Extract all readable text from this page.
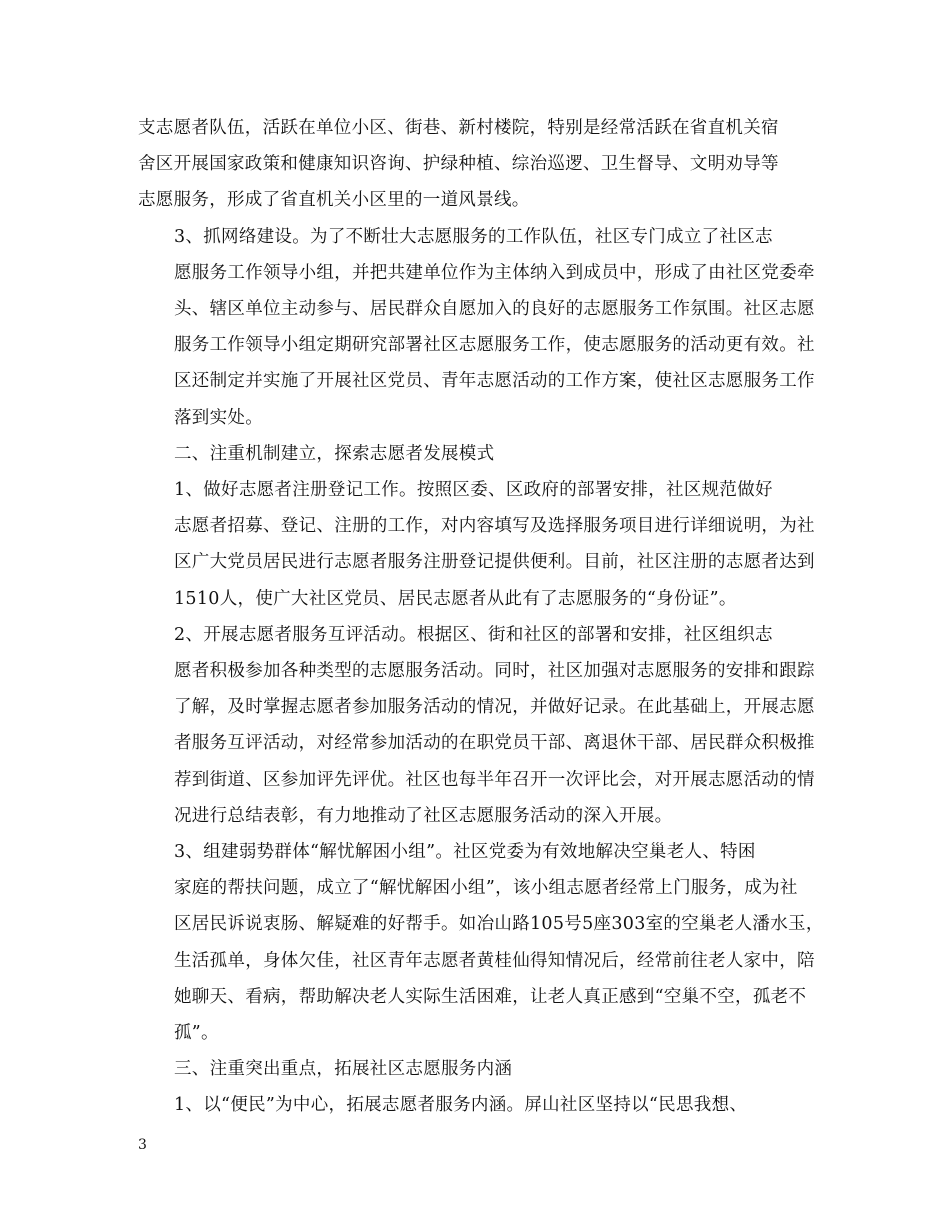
支志愿者队伍，活跃在单位小区、街巷、新村楼院，特别是经常活跃在省直机关宿
舍区开展国家政策和健康知识咨询、护绿种植、综治巡逻、卫生督导、文明劝导等
志愿服务，形成了省直机关小区里的一道风景线。

3、抓网络建设。为了不断壮大志愿服务的工作队伍，社区专门成立了社区志
愿服务工作领导小组，并把共建单位作为主体纳入到成员中，形成了由社区党委牵
头、辖区单位主动参与、居民群众自愿加入的良好的志愿服务工作氛围。社区志愿
服务工作领导小组定期研究部署社区志愿服务工作，使志愿服务的活动更有效。社
区还制定并实施了开展社区党员、青年志愿活动的工作方案，使社区志愿服务工作
落到实处。

二、注重机制建立，探索志愿者发展模式

1、做好志愿者注册登记工作。按照区委、区政府的部署安排，社区规范做好
志愿者招募、登记、注册的工作，对内容填写及选择服务项目进行详细说明，为社
区广大党员居民进行志愿者服务注册登记提供便利。目前，社区注册的志愿者达到
1510人，使广大社区党员、居民志愿者从此有了志愿服务的“身份证”。

2、开展志愿者服务互评活动。根据区、街和社区的部署和安排，社区组织志
愿者积极参加各种类型的志愿服务活动。同时，社区加强对志愿服务的安排和跟踪
了解，及时掌握志愿者参加服务活动的情况，并做好记录。在此基础上，开展志愿
者服务互评活动，对经常参加活动的在职党员干部、离退休干部、居民群众积极推
荐到街道、区参加评先评优。社区也每半年召开一次评比会，对开展志愿活动的情
况进行总结表彰，有力地推动了社区志愿服务活动的深入开展。

3、组建弱势群体“解忧解困小组”。社区党委为有效地解决空巢老人、特困
家庭的帮扶问题，成立了“解忧解困小组”，该小组志愿者经常上门服务，成为社
区居民诉说衷肠、解疑难的好帮手。如冶山路105号5座303室的空巢老人潘水玉，
生活孤单，身体欠佳，社区青年志愿者黄桂仙得知情况后，经常前往老人家中，陪
她聊天、看病，帮助解决老人实际生活困难，让老人真正感到“空巢不空，孤老不
孤”。

三、注重突出重点，拓展社区志愿服务内涵

1、以“便民”为中心，拓展志愿者服务内涵。屏山社区坚持以“民思我想、

3
